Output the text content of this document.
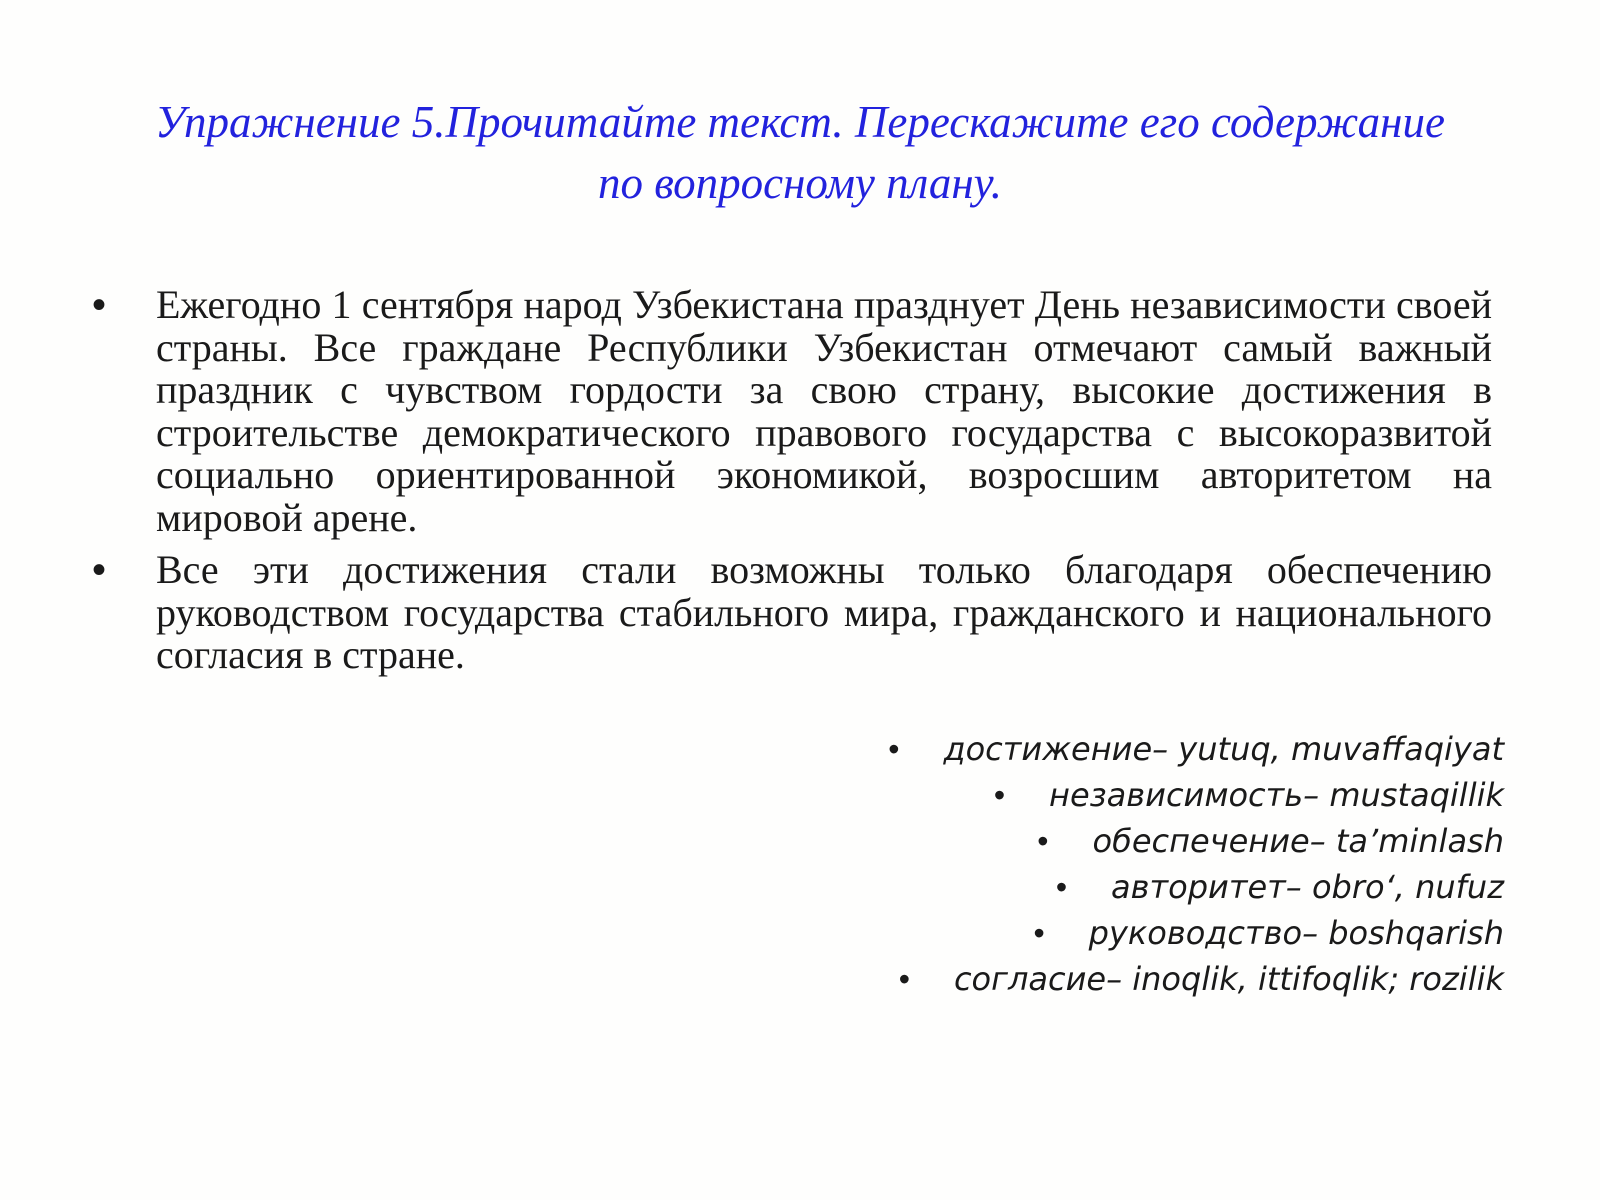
Упражнение 5.Прочитайте текст. Перескажите его содержание
по вопросному плану.
• Ежегодно 1 сентября народ Узбекистана празднует День независимости своей страны. Все граждане Республики Узбекистан отмечают самый важный праздник с чувством гордости за свою страну, высокие достижения в строительстве демократического правового государства с высокоразвитой социально ориентированной экономикой, возросшим авторитетом на мировой арене.
• Все эти достижения стали возможны только благодаря обеспечению руководством государства стабильного мира, гражданского и национального согласия в стране.
• достижение– yutuq, muvaffaqiyat
• независимость– mustaqillik
• обеспечение– ta’minlash
• авторитет– obro‘, nufuz
• руководство– boshqarish
• согласие– inoqlik, ittifoqlik; rozilik
